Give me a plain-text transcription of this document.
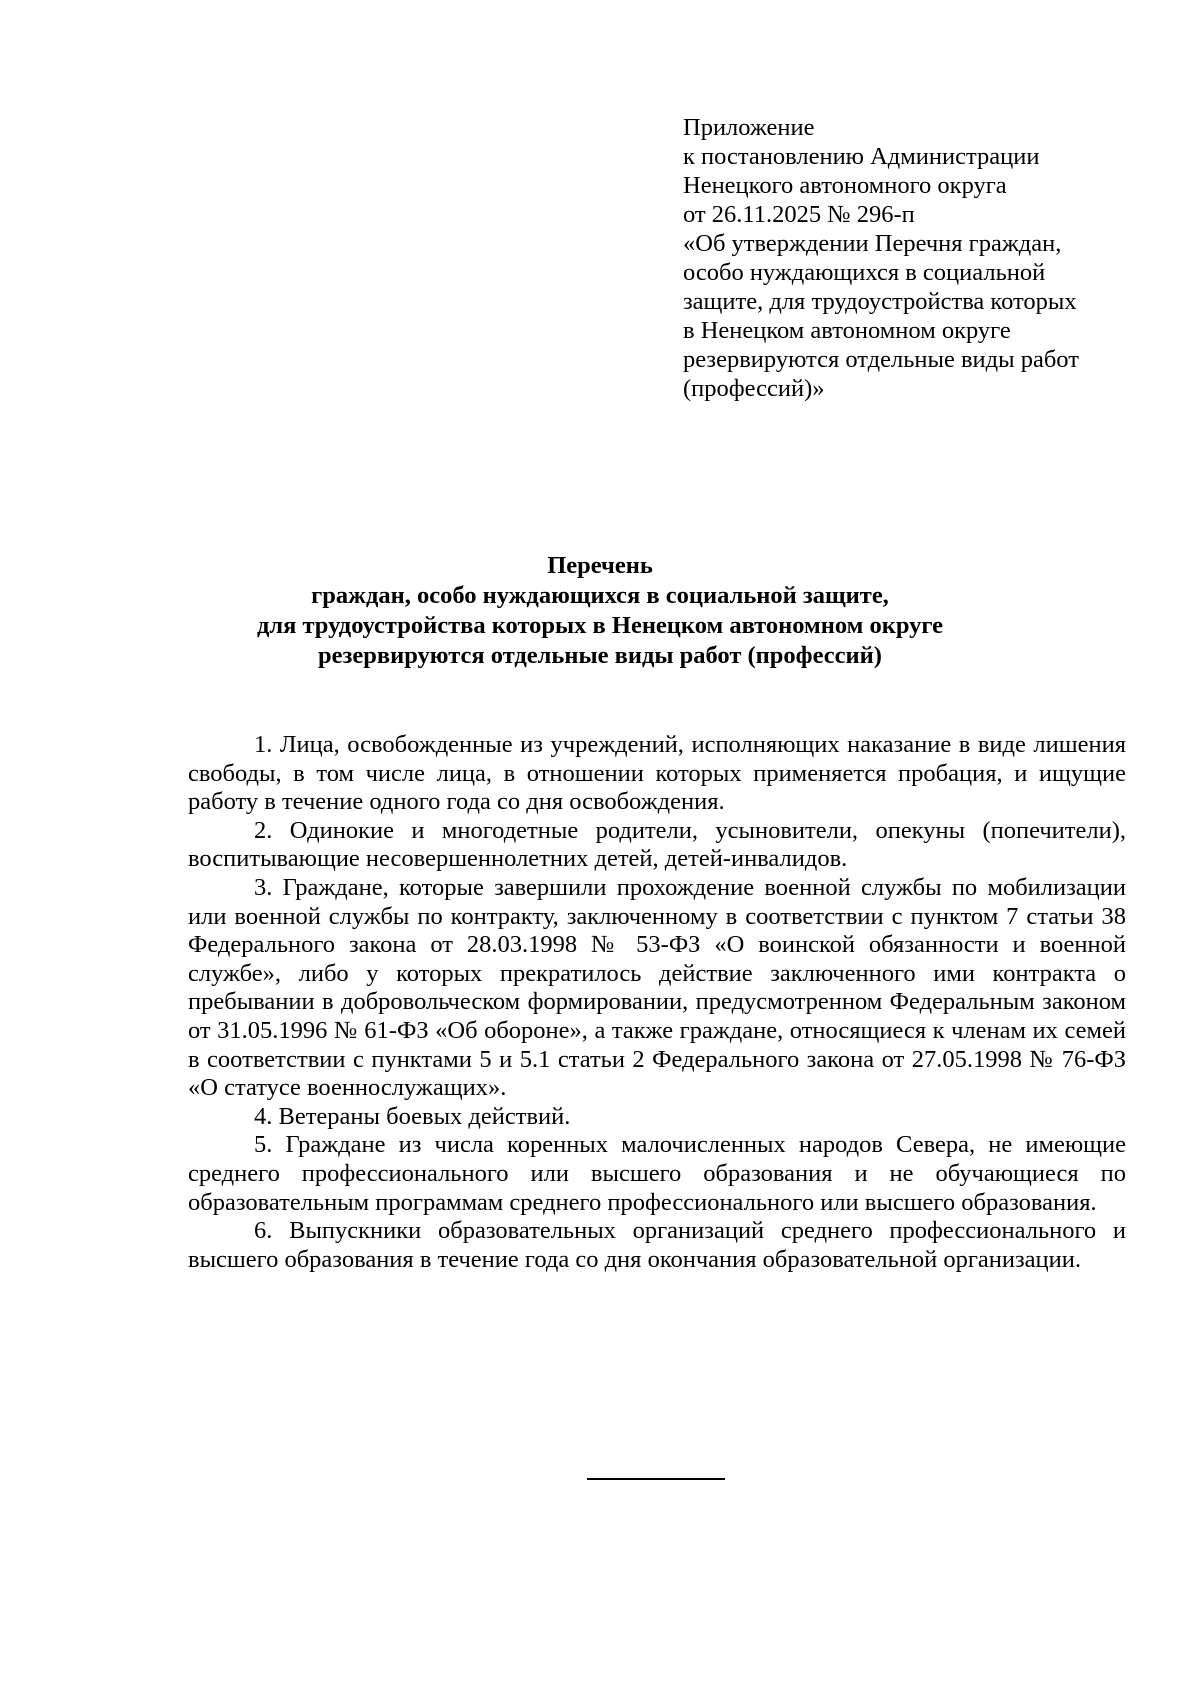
Приложение
к постановлению Администрации
Ненецкого автономного округа
от 26.11.2025 № 296-п
«Об утверждении Перечня граждан,
особо нуждающихся в социальной
защите, для трудоустройства которых
в Ненецком автономном округе
резервируются отдельные виды работ
(профессий)»
Перечень
граждан, особо нуждающихся в социальной защите,
для трудоустройства которых в Ненецком автономном округе
резервируются отдельные виды работ (профессий)

1. Лица, освобожденные из учреждений, исполняющих наказание в виде лишения свободы, в том числе лица, в отношении которых применяется пробация, и ищущие работу в течение одного года со дня освобождения.

2. Одинокие и многодетные родители, усыновители, опекуны (попечители), воспитывающие несовершеннолетних детей, детей-инвалидов.

3. Граждане, которые завершили прохождение военной службы по мобилизации или военной службы по контракту, заключенному в соответствии с пунктом 7 статьи 38 Федерального закона от 28.03.1998 № 53-ФЗ «О воинской обязанности и военной службе», либо у которых прекратилось действие заключенного ими контракта о пребывании в добровольческом формировании, предусмотренном Федеральным законом от 31.05.1996 № 61-ФЗ «Об обороне», а также граждане, относящиеся к членам их семей в соответствии с пунктами 5 и 5.1 статьи 2 Федерального закона от 27.05.1998 № 76-ФЗ «О статусе военнослужащих».

4. Ветераны боевых действий.

5. Граждане из числа коренных малочисленных народов Севера, не имеющие среднего профессионального или высшего образования и не обучающиеся по образовательным программам среднего профессионального или высшего образования.

6. Выпускники образовательных организаций среднего профессионального и высшего образования в течение года со дня окончания образовательной организации.
